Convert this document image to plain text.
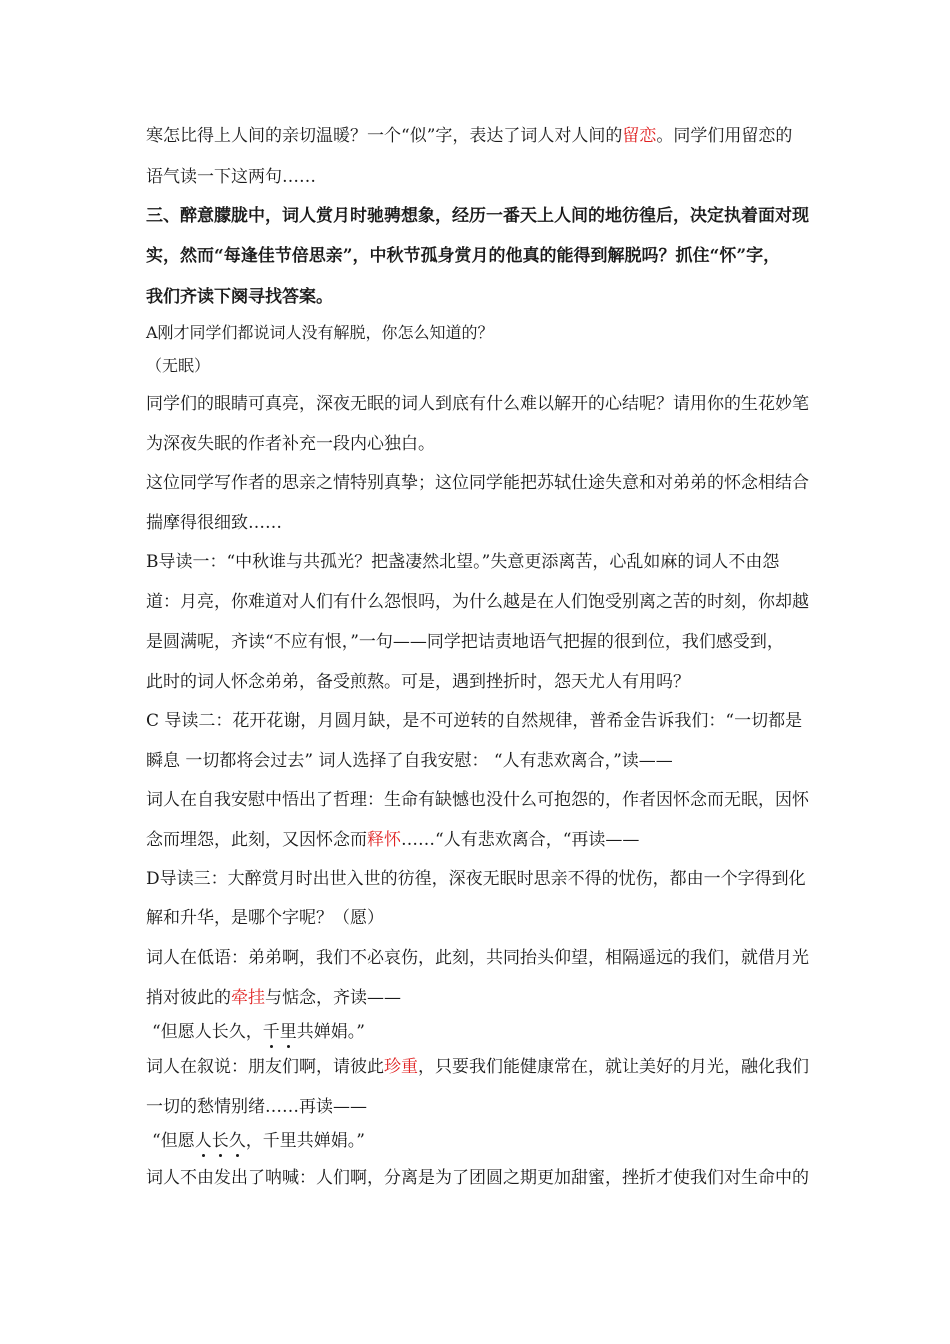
寒怎比得上人间的亲切温暖？一个“似”字，表达了词人对人间的留恋。同学们用留恋的
语气读一下这两句……
三、醉意朦胧中，词人赏月时驰骋想象，经历一番天上人间的地彷徨后，决定执着面对现
实，然而“每逢佳节倍思亲”，中秋节孤身赏月的他真的能得到解脱吗？抓住“怀”字，
我们齐读下阕寻找答案。
A刚才同学们都说词人没有解脱，你怎么知道的？
（无眠）
同学们的眼睛可真亮，深夜无眠的词人到底有什么难以解开的心结呢？请用你的生花妙笔
为深夜失眠的作者补充一段内心独白。
这位同学写作者的思亲之情特别真挚；这位同学能把苏轼仕途失意和对弟弟的怀念相结合
揣摩得很细致……
B导读一：“中秋谁与共孤光？把盏凄然北望。”失意更添离苦，心乱如麻的词人不由怨
道：月亮，你难道对人们有什么怨恨吗，为什么越是在人们饱受别离之苦的时刻，你却越
是圆满呢，齐读“不应有恨，”一句——同学把诘责地语气把握的很到位，我们感受到，
此时的词人怀念弟弟，备受煎熬。可是，遇到挫折时，怨天尤人有用吗？
C 导读二：花开花谢，月圆月缺，是不可逆转的自然规律，普希金告诉我们：“一切都是
瞬息 一切都将会过去” 词人选择了自我安慰： “人有悲欢离合，”读——
词人在自我安慰中悟出了哲理：生命有缺憾也没什么可抱怨的，作者因怀念而无眠，因怀
念而埋怨，此刻，又因怀念而释怀……“人有悲欢离合，“再读——
D导读三：大醉赏月时出世入世的彷徨，深夜无眠时思亲不得的忧伤，都由一个字得到化
解和升华，是哪个字呢？（愿）
词人在低语：弟弟啊，我们不必哀伤，此刻，共同抬头仰望，相隔遥远的我们，就借月光
捎对彼此的牵挂与惦念，齐读——
“但愿人长久，千里共婵娟。”
词人在叙说：朋友们啊，请彼此珍重，只要我们能健康常在，就让美好的月光，融化我们
一切的愁情别绪……再读——
“但愿人长久，千里共婵娟。”
词人不由发出了呐喊：人们啊，分离是为了团圆之期更加甜蜜，挫折才使我们对生命中的
